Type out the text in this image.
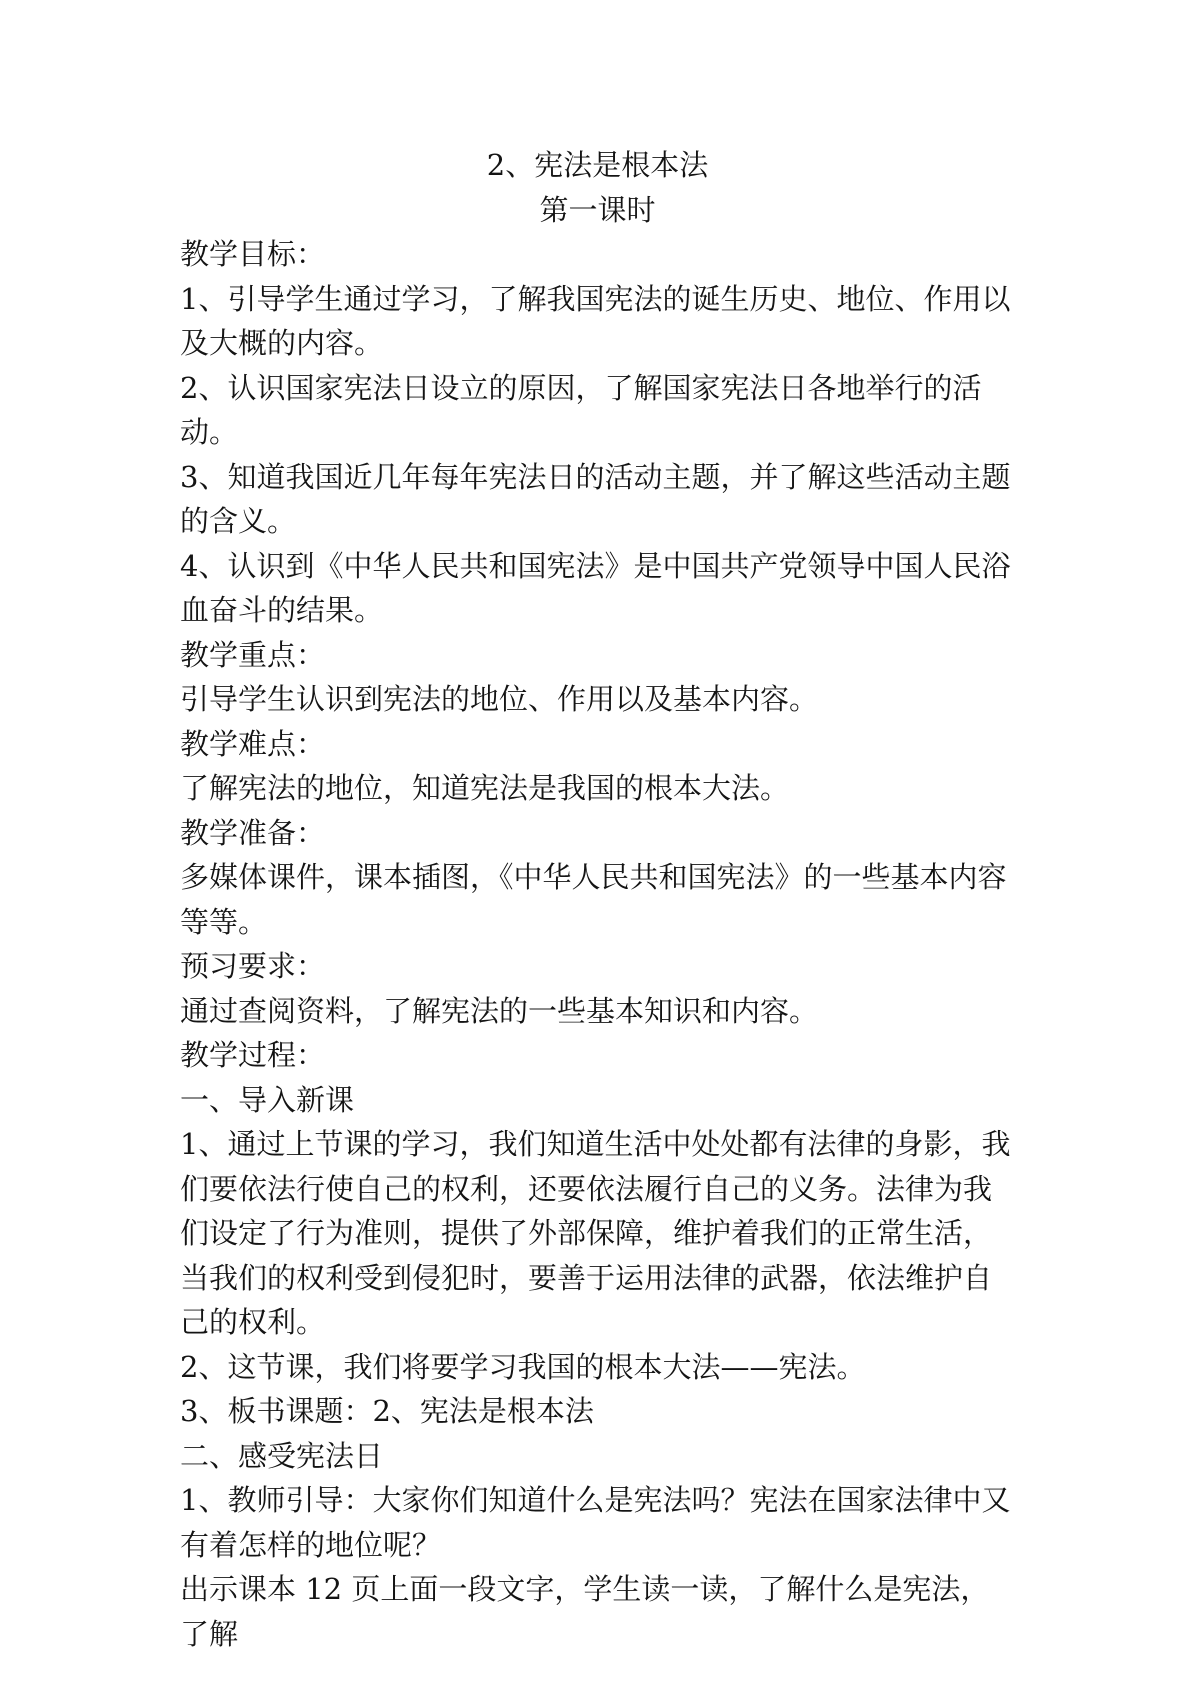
2、宪法是根本法
第一课时
教学目标：
1、引导学生通过学习，了解我国宪法的诞生历史、地位、作用以及大概的内容。
2、认识国家宪法日设立的原因，了解国家宪法日各地举行的活动。
3、知道我国近几年每年宪法日的活动主题，并了解这些活动主题的含义。
4、认识到《中华人民共和国宪法》是中国共产党领导中国人民浴血奋斗的结果。
教学重点：
引导学生认识到宪法的地位、作用以及基本内容。
教学难点：
了解宪法的地位，知道宪法是我国的根本大法。
教学准备：
多媒体课件，课本插图，《中华人民共和国宪法》的一些基本内容等等。
预习要求：
通过查阅资料，了解宪法的一些基本知识和内容。
教学过程：
一、导入新课
1、通过上节课的学习，我们知道生活中处处都有法律的身影，我们要依法行使自己的权利，还要依法履行自己的义务。法律为我们设定了行为准则，提供了外部保障，维护着我们的正常生活，当我们的权利受到侵犯时，要善于运用法律的武器，依法维护自己的权利。
2、这节课，我们将要学习我国的根本大法——宪法。
3、板书课题：2、宪法是根本法
二、感受宪法日
1、教师引导：大家你们知道什么是宪法吗？宪法在国家法律中又有着怎样的地位呢？
出示课本 12 页上面一段文字，学生读一读，了解什么是宪法，了解
